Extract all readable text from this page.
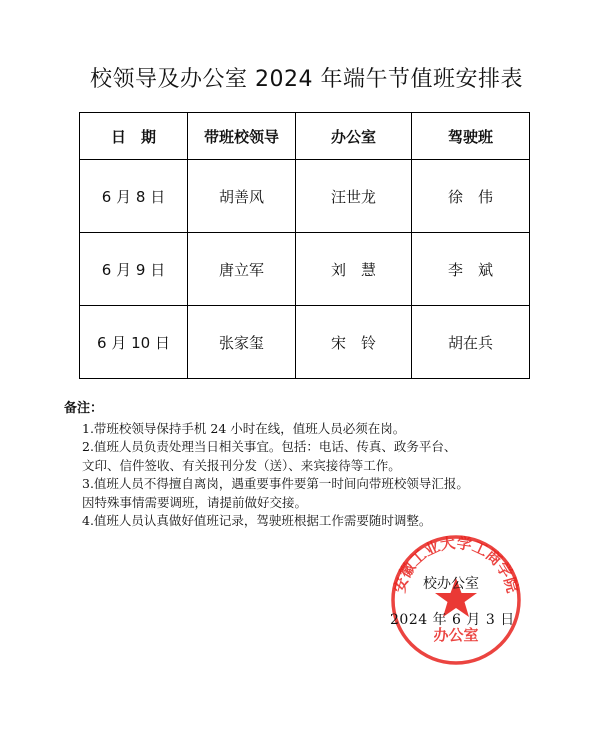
校领导及办公室 2024 年端午节值班安排表
日　期	带班校领导	办公室	驾驶班
6 月 8 日	胡善风	汪世龙	徐　伟
6 月 9 日	唐立军	刘　慧	李　斌
6 月 10 日	张家玺	宋　铃	胡在兵
备注：
1.带班校领导保持手机 24 小时在线，值班人员必须在岗。
2.值班人员负责处理当日相关事宜。包括：电话、传真、政务平台、
文印、信件签收、有关报刊分发（送）、来宾接待等工作。
3.值班人员不得擅自离岗，遇重要事件要第一时间向带班校领导汇报。
因特殊事情需要调班，请提前做好交接。
4.值班人员认真做好值班记录，驾驶班根据工作需要随时调整。
安徽工业大学工商学院
办公室
校办公室
2024 年 6 月 3 日
